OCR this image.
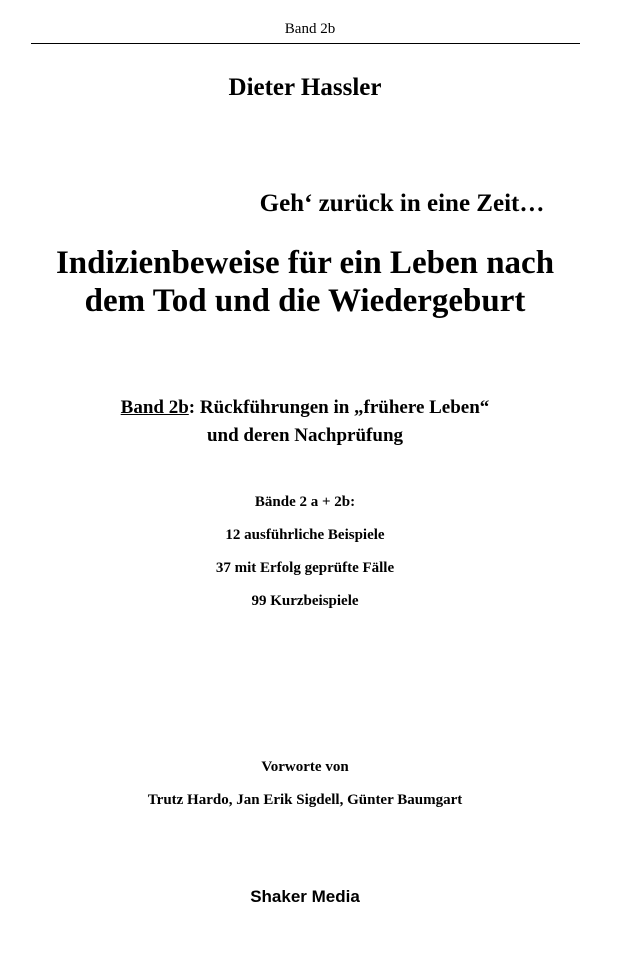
Band 2b
Dieter Hassler
Geh‘ zurück in eine Zeit…
Indizienbeweise für ein Leben nach
dem Tod und die Wiedergeburt
Band 2b: Rückführungen in „frühere Leben“
und deren Nachprüfung
Bände 2 a + 2b:
12 ausführliche Beispiele
37 mit Erfolg geprüfte Fälle
99 Kurzbeispiele
Vorworte von
Trutz Hardo, Jan Erik Sigdell, Günter Baumgart
Shaker Media
